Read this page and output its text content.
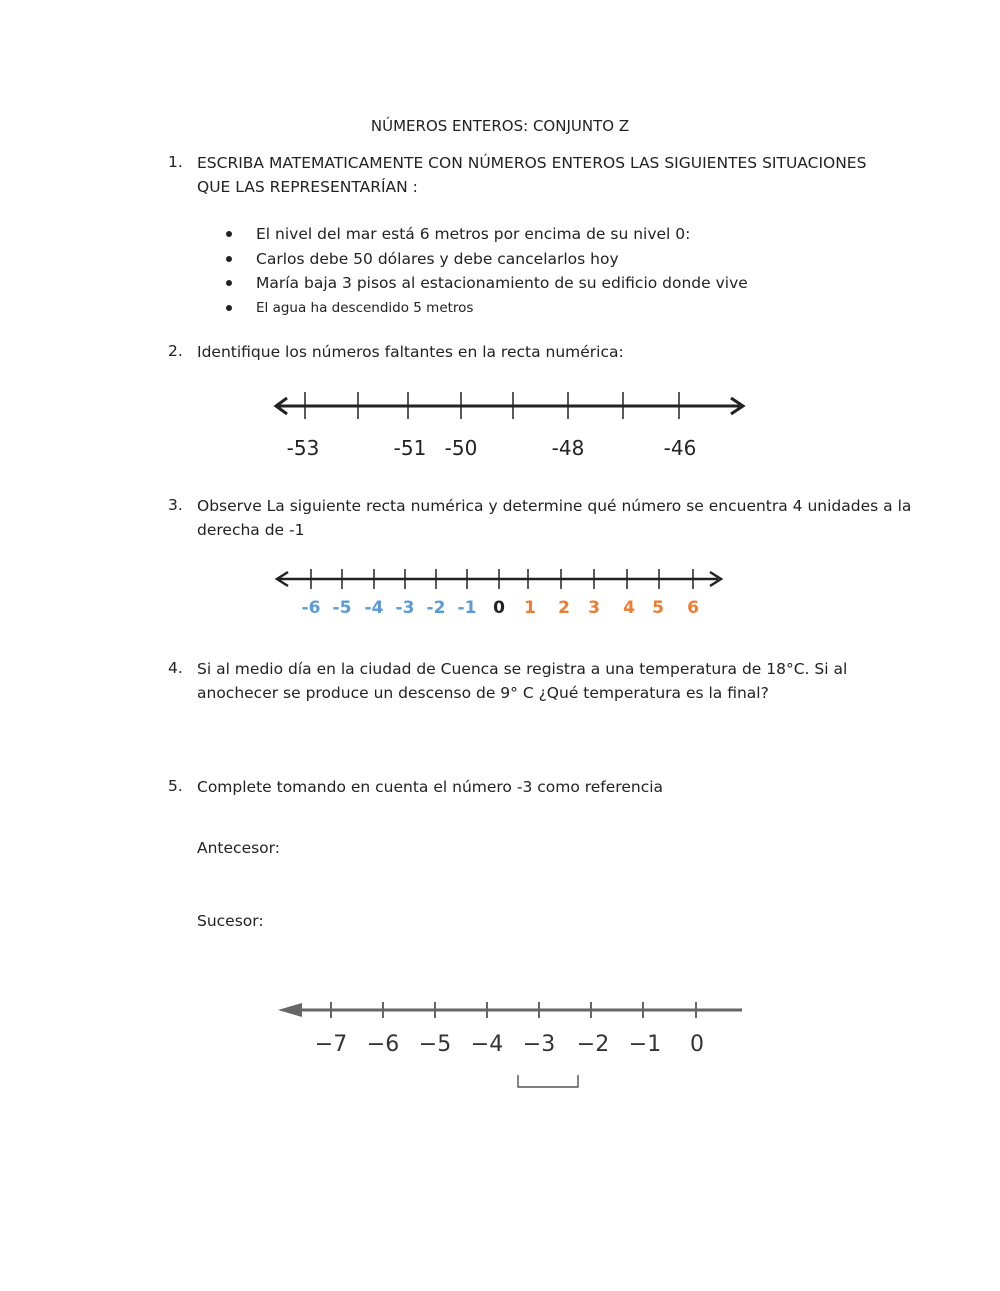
NÚMEROS ENTEROS: CONJUNTO Z
1. ESCRIBA MATEMATICAMENTE CON NÚMEROS ENTEROS LAS SIGUIENTES SITUACIONES
QUE LAS REPRESENTARÍAN :
El nivel del mar está 6 metros por encima de su nivel 0:
Carlos debe 50 dólares y debe cancelarlos hoy
María baja 3 pisos al estacionamiento de su edificio donde vive
El agua ha descendido 5 metros
2. Identifique los números faltantes en la recta numérica:
-53	-51 -50	-48	-46
-6 -5 -4 -3 -2 -1 0 1 2 3 4 5 6
−7 −6 −5 −4 −3 −2 −1 0
3. Observe La siguiente recta numérica y determine qué número se encuentra 4 unidades a la
derecha de -1
4. Si al medio día en la ciudad de Cuenca se registra a una temperatura de 18°C. Si al
anochecer se produce un descenso de 9° C ¿Qué temperatura es la final?
5. Complete tomando en cuenta el número -3 como referencia
Antecesor:
Sucesor:
